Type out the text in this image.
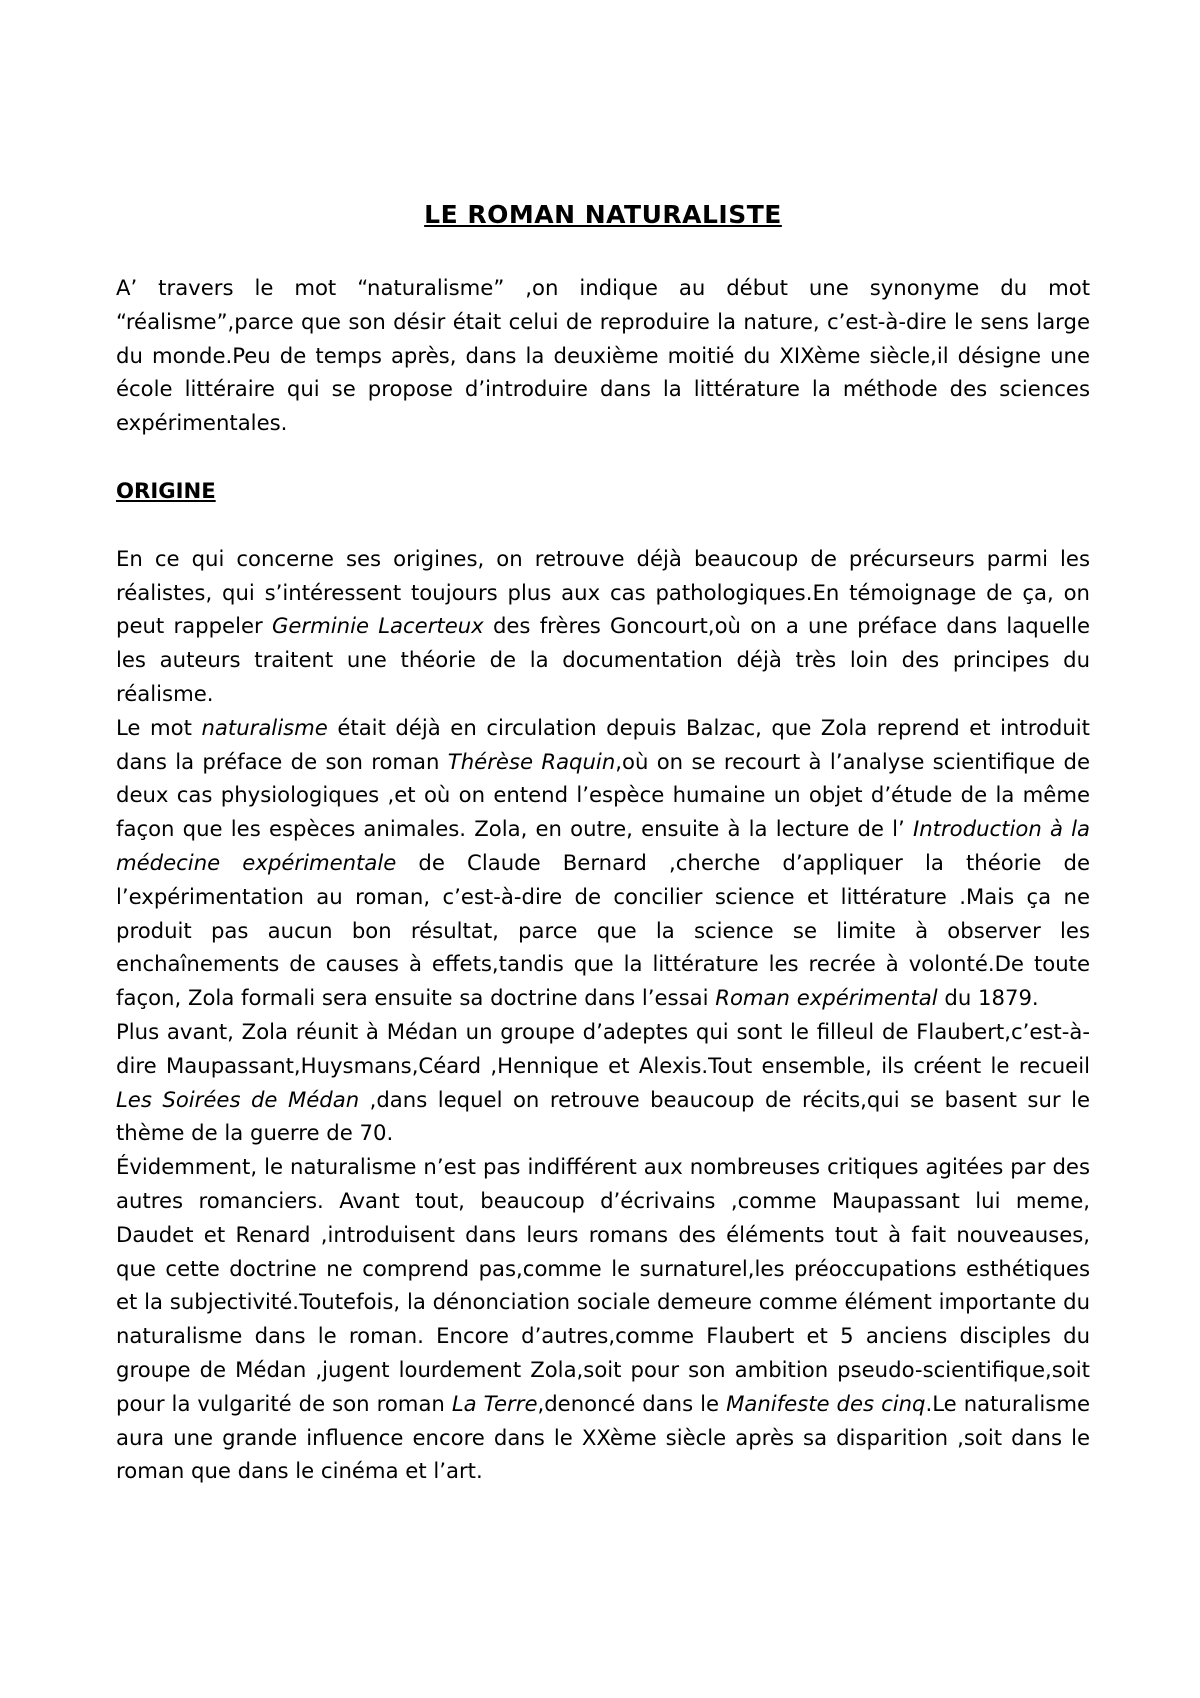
LE ROMAN NATURALISTE

A’ travers le mot “naturalisme” ,on indique au début une synonyme du mot “réalisme”,parce que son désir était celui de reproduire la nature, c’est-à-dire le sens large du monde.Peu de temps après, dans la deuxième moitié du XIXème siècle,il désigne une école littéraire qui se propose d’introduire dans la littérature la méthode des sciences expérimentales.

ORIGINE

En ce qui concerne ses origines, on retrouve déjà beaucoup de précurseurs parmi les réalistes, qui s’intéressent toujours plus aux cas pathologiques.En témoignage de ça, on peut rappeler Germinie Lacerteux des frères Goncourt,où on a une préface dans laquelle les auteurs traitent une théorie de la documentation déjà très loin des principes du réalisme.

Le mot naturalisme était déjà en circulation depuis Balzac, que Zola reprend et introduit dans la préface de son roman Thérèse Raquin,où on se recourt à l’analyse scientifique de deux cas physiologiques ,et où on entend l’espèce humaine un objet d’étude de la même façon que les espèces animales. Zola, en outre, ensuite à la lecture de l’ Introduction à la médecine expérimentale de Claude Bernard ,cherche d’appliquer la théorie de l’expérimentation au roman, c’est-à-dire de concilier science et littérature .Mais ça ne produit pas aucun bon résultat, parce que la science se limite à observer les enchaînements de causes à effets,tandis que la littérature les recrée à volonté.De toute façon, Zola formali sera ensuite sa doctrine dans l’essai Roman expérimental du 1879.

Plus avant, Zola réunit à Médan un groupe d’adeptes qui sont le filleul de Flaubert,c’est-à-dire Maupassant,Huysmans,Céard ,Hennique et Alexis.Tout ensemble, ils créent le recueil Les Soirées de Médan ,dans lequel on retrouve beaucoup de récits,qui se basent sur le thème de la guerre de 70.

Évidemment, le naturalisme n’est pas indifférent aux nombreuses critiques agitées par des autres romanciers. Avant tout, beaucoup d’écrivains ,comme Maupassant lui meme, Daudet et Renard ,introduisent dans leurs romans des éléments tout à fait nouveauses, que cette doctrine ne comprend pas,comme le surnaturel,les préoccupations esthétiques et la subjectivité.Toutefois, la dénonciation sociale demeure comme élément importante du naturalisme dans le roman. Encore d’autres,comme Flaubert et 5 anciens disciples du groupe de Médan ,jugent lourdement Zola,soit pour son ambition pseudo-scientifique,soit pour la vulgarité de son roman La Terre,denoncé dans le Manifeste des cinq.Le naturalisme aura une grande influence encore dans le XXème siècle après sa disparition ,soit dans le roman que dans le cinéma et l’art.
